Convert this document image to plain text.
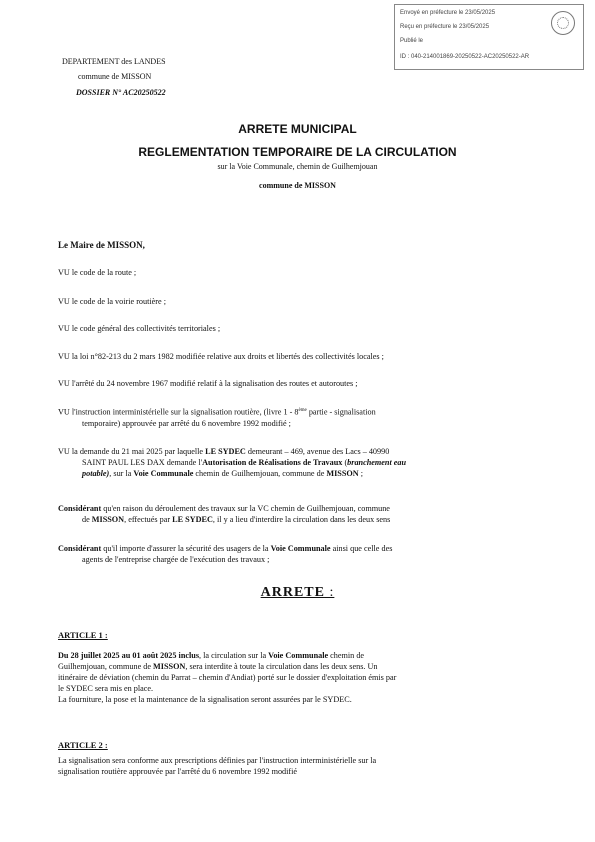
Envoyé en préfecture le 23/05/2025
Reçu en préfecture le 23/05/2025
Publié le
ID : 040-214001869-20250522-AC20250522-AR
DEPARTEMENT des LANDES
commune de MISSON
DOSSIER N° AC20250522
ARRETE MUNICIPAL
REGLEMENTATION TEMPORAIRE DE LA CIRCULATION
sur la Voie Communale, chemin de Guilhemjouan
commune de MISSON
Le Maire de MISSON,
VU le code de la route ;
VU le code de la voirie routière ;
VU le code général des collectivités territoriales ;
VU la loi n°82-213 du 2 mars 1982 modifiée relative aux droits et libertés des collectivités locales ;
VU l'arrêté du 24 novembre 1967 modifié relatif à la signalisation des routes et autoroutes ;
VU l'instruction interministérielle sur la signalisation routière, (livre 1 - 8ème partie - signalisation
temporaire) approuvée par arrêté du 6 novembre 1992 modifié ;
VU la demande du 21 mai 2025 par laquelle LE SYDEC demeurant – 469, avenue des Lacs – 40990
SAINT PAUL LES DAX demande l'Autorisation de Réalisations de Travaux (branchement eau
potable), sur la Voie Communale chemin de Guilhemjouan, commune de MISSON ;
Considérant qu'en raison du déroulement des travaux sur la VC chemin de Guilhemjouan, commune
de MISSON, effectués par LE SYDEC, il y a lieu d'interdire la circulation dans les deux sens
Considérant qu'il importe d'assurer la sécurité des usagers de la Voie Communale ainsi que celle des
agents de l'entreprise chargée de l'exécution des travaux ;
ARRETE :
ARTICLE 1 :
Du 28 juillet 2025 au 01 août 2025 inclus, la circulation sur la Voie Communale chemin de
Guilhemjouan, commune de MISSON, sera interdite à toute la circulation dans les deux sens. Un
itinéraire de déviation (chemin du Parrat – chemin d'Andiat) porté sur le dossier d'exploitation émis par
le SYDEC sera mis en place.
La fourniture, la pose et la maintenance de la signalisation seront assurées par le SYDEC.
ARTICLE 2 :
La signalisation sera conforme aux prescriptions définies par l'instruction interministérielle sur la
signalisation routière approuvée par l'arrêté du 6 novembre 1992 modifié
